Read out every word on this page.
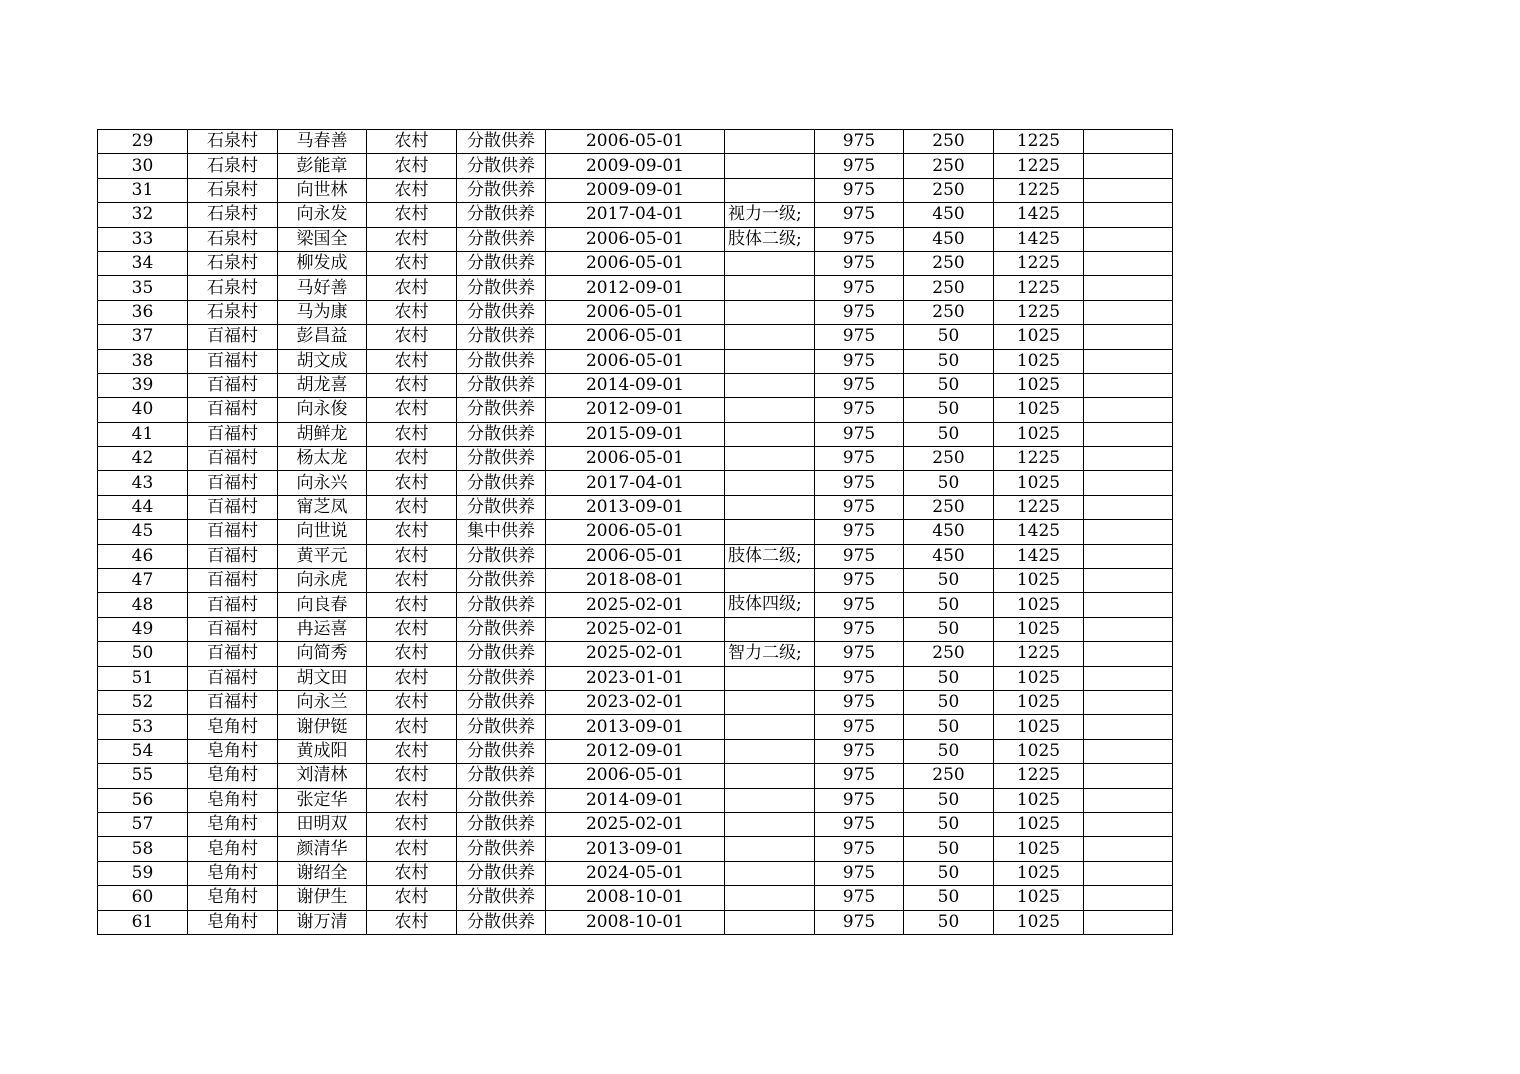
29	石泉村	马春善	农村	分散供养	2006-05-01		975	250	1225	
30	石泉村	彭能章	农村	分散供养	2009-09-01		975	250	1225	
31	石泉村	向世林	农村	分散供养	2009-09-01		975	250	1225	
32	石泉村	向永发	农村	分散供养	2017-04-01	视力一级;	975	450	1425	
33	石泉村	梁国全	农村	分散供养	2006-05-01	肢体二级;	975	450	1425	
34	石泉村	柳发成	农村	分散供养	2006-05-01		975	250	1225	
35	石泉村	马好善	农村	分散供养	2012-09-01		975	250	1225	
36	石泉村	马为康	农村	分散供养	2006-05-01		975	250	1225	
37	百福村	彭昌益	农村	分散供养	2006-05-01		975	50	1025	
38	百福村	胡文成	农村	分散供养	2006-05-01		975	50	1025	
39	百福村	胡龙喜	农村	分散供养	2014-09-01		975	50	1025	
40	百福村	向永俊	农村	分散供养	2012-09-01		975	50	1025	
41	百福村	胡鲜龙	农村	分散供养	2015-09-01		975	50	1025	
42	百福村	杨太龙	农村	分散供养	2006-05-01		975	250	1225	
43	百福村	向永兴	农村	分散供养	2017-04-01		975	50	1025	
44	百福村	甯芝凤	农村	分散供养	2013-09-01		975	250	1225	
45	百福村	向世说	农村	集中供养	2006-05-01		975	450	1425	
46	百福村	黄平元	农村	分散供养	2006-05-01	肢体二级;	975	450	1425	
47	百福村	向永虎	农村	分散供养	2018-08-01		975	50	1025	
48	百福村	向良春	农村	分散供养	2025-02-01	肢体四级;	975	50	1025	
49	百福村	冉运喜	农村	分散供养	2025-02-01		975	50	1025	
50	百福村	向简秀	农村	分散供养	2025-02-01	智力二级;	975	250	1225	
51	百福村	胡文田	农村	分散供养	2023-01-01		975	50	1025	
52	百福村	向永兰	农村	分散供养	2023-02-01		975	50	1025	
53	皂角村	谢伊铤	农村	分散供养	2013-09-01		975	50	1025	
54	皂角村	黄成阳	农村	分散供养	2012-09-01		975	50	1025	
55	皂角村	刘清林	农村	分散供养	2006-05-01		975	250	1225	
56	皂角村	张定华	农村	分散供养	2014-09-01		975	50	1025	
57	皂角村	田明双	农村	分散供养	2025-02-01		975	50	1025	
58	皂角村	颜清华	农村	分散供养	2013-09-01		975	50	1025	
59	皂角村	谢绍全	农村	分散供养	2024-05-01		975	50	1025	
60	皂角村	谢伊生	农村	分散供养	2008-10-01		975	50	1025	
61	皂角村	谢万清	农村	分散供养	2008-10-01		975	50	1025	
